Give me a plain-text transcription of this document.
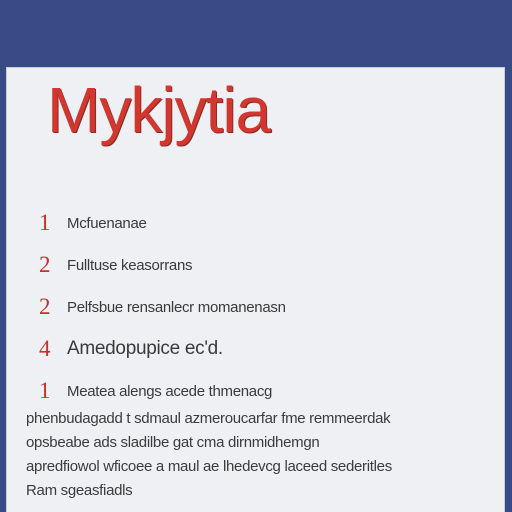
Mykjytia
1	Mcfuenanae
2	Fulltuse keasorrans
2	Pelfsbue rensanlecr momanenasn
4 Amedopupice ec'd.
1	Meatea alengs acede thmenacg

phenbudagadd t sdmaul azmeroucarfar fme remmeerdak
opsbeabe ads sladilbe gat cma dirnmidhemgn
apredfiowol wficoee a maul ae lhedevcg laceed sederitles
Ram sgeasfiadls
